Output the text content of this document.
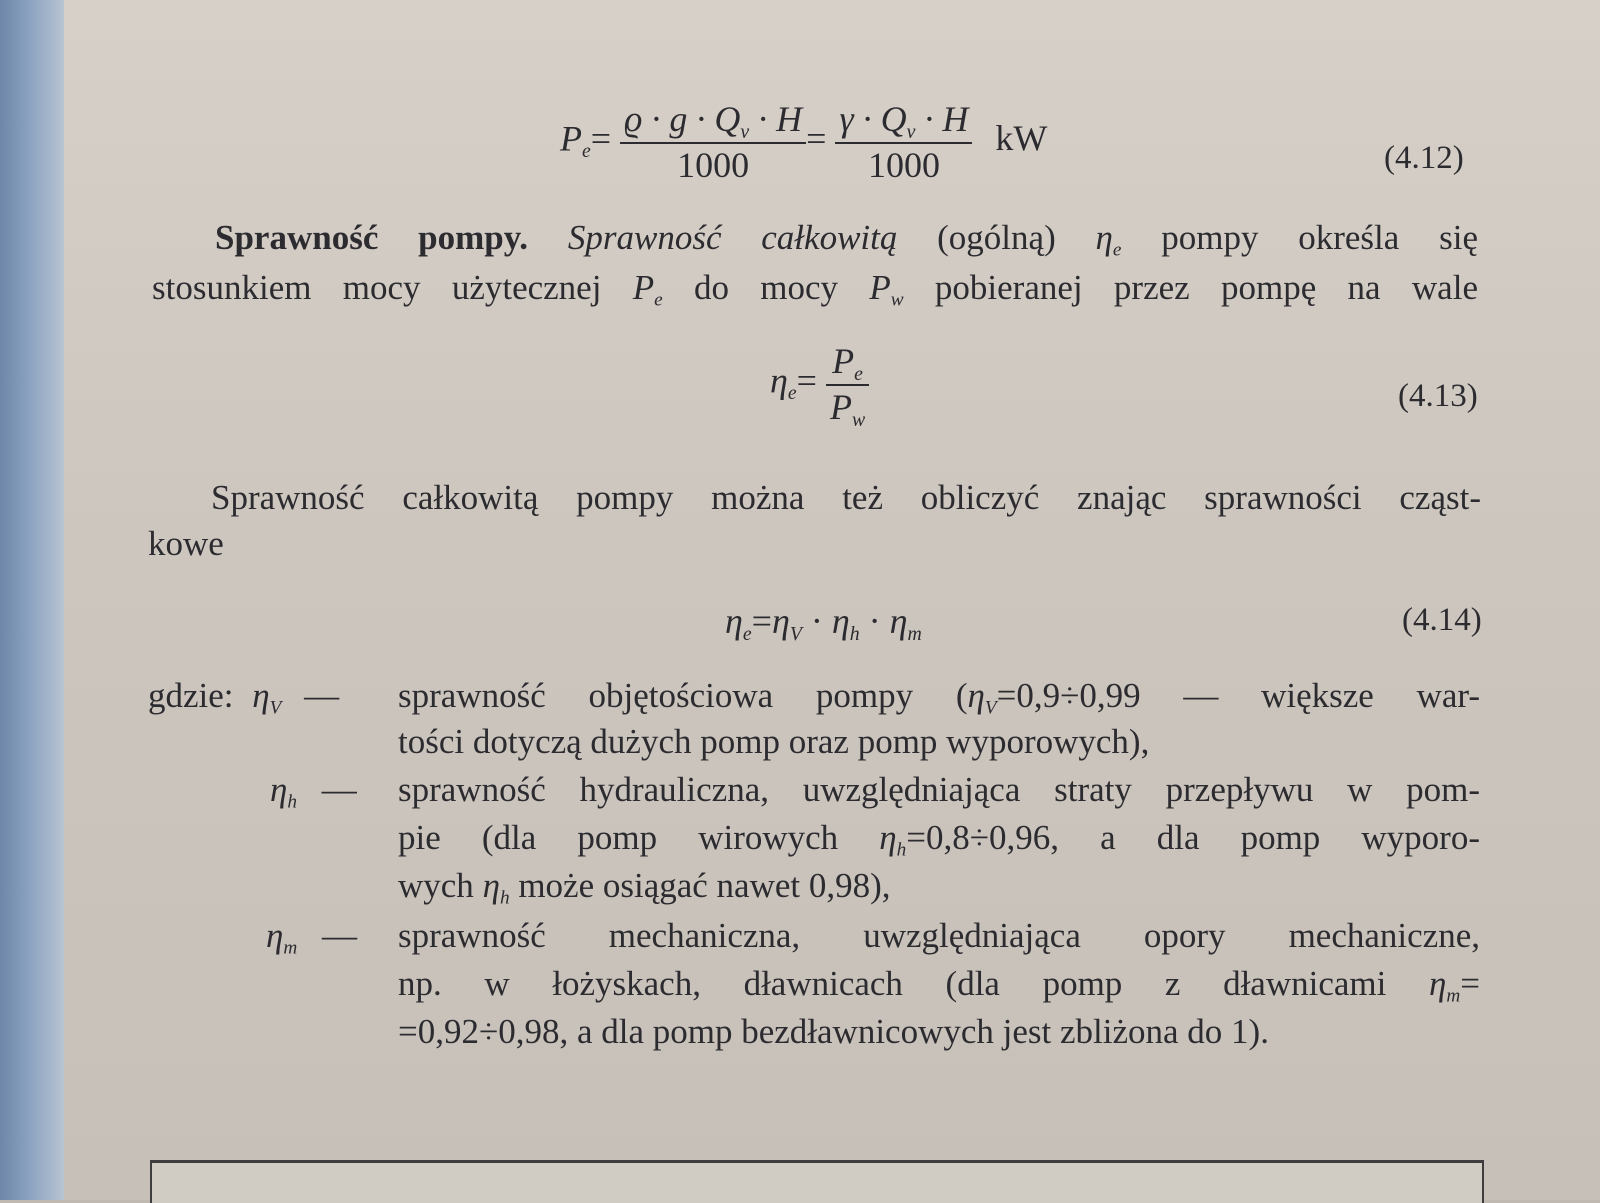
$P_e= \frac{ϱ \cdot g \cdot Q_v \cdot H}{1000} = \frac{\gamma \cdot Q_v \cdot H}{1000}$ kW	(4.12)
Sprawność pompy. Sprawność całkowitą (ogólną) $\eta_e$ pompy określa się
stosunkiem mocy użytecznej $P_e$ do mocy $P_w$ pobieranej przez pompę na wale
$\eta_e= \frac{P_e}{P_w}$	(4.13)
Sprawność całkowitą pompy można też obliczyć znając sprawności cząst-
kowe
$\eta_e=\eta_V \cdot \eta_h \cdot \eta_m$	(4.14)
gdzie: $\eta_V$ — sprawność objętościowa pompy ($\eta_V=0,9\div 0,99$ — większe war-
tości dotyczą dużych pomp oraz pomp wyporowych),
$\eta_h$ — sprawność hydrauliczna, uwzględniająca straty przepływu w pom-
pie (dla pomp wirowych $\eta_h=0,8\div 0,96$, a dla pomp wyporo-
wych $\eta_h$ może osiągać nawet 0,98),
$\eta_m$ — sprawność mechaniczna, uwzględniająca opory mechaniczne,
np. w łożyskach, dławnicach (dla pomp z dławnicami $\eta_m=$
=0,92÷0,98, a dla pomp bezdławnicowych jest zbliżona do 1).
